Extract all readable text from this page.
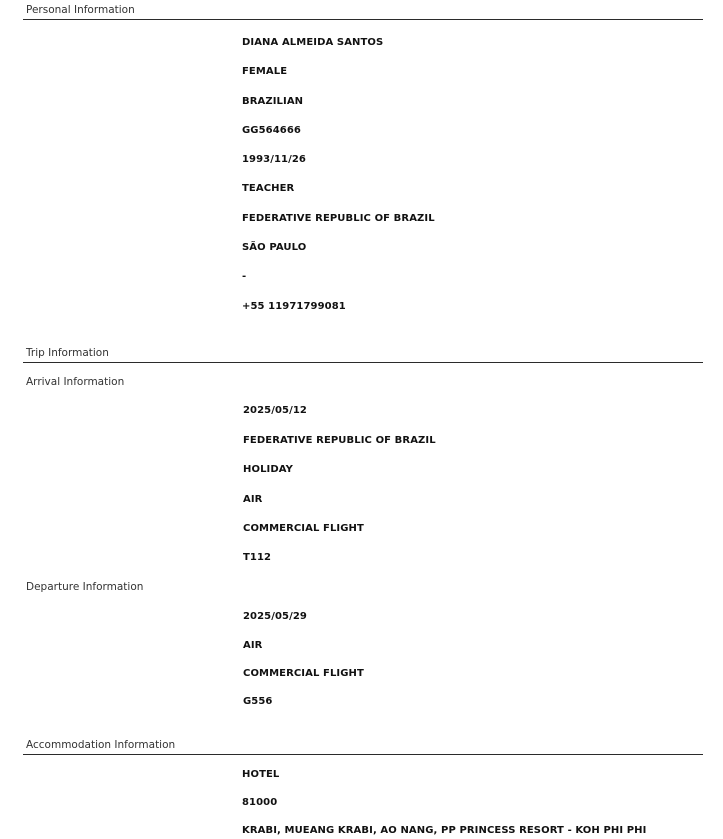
Personal Information
DIANA ALMEIDA SANTOS
FEMALE
BRAZILIAN
GG564666
1993/11/26
TEACHER
FEDERATIVE REPUBLIC OF BRAZIL
SÃO PAULO
-
+55 11971799081
Trip Information
Arrival Information
2025/05/12
FEDERATIVE REPUBLIC OF BRAZIL
HOLIDAY
AIR
COMMERCIAL FLIGHT
T112
Departure Information
2025/05/29
AIR
COMMERCIAL FLIGHT
G556
Accommodation Information
HOTEL
81000
KRABI, MUEANG KRABI, AO NANG, PP PRINCESS RESORT - KOH PHI PHI
